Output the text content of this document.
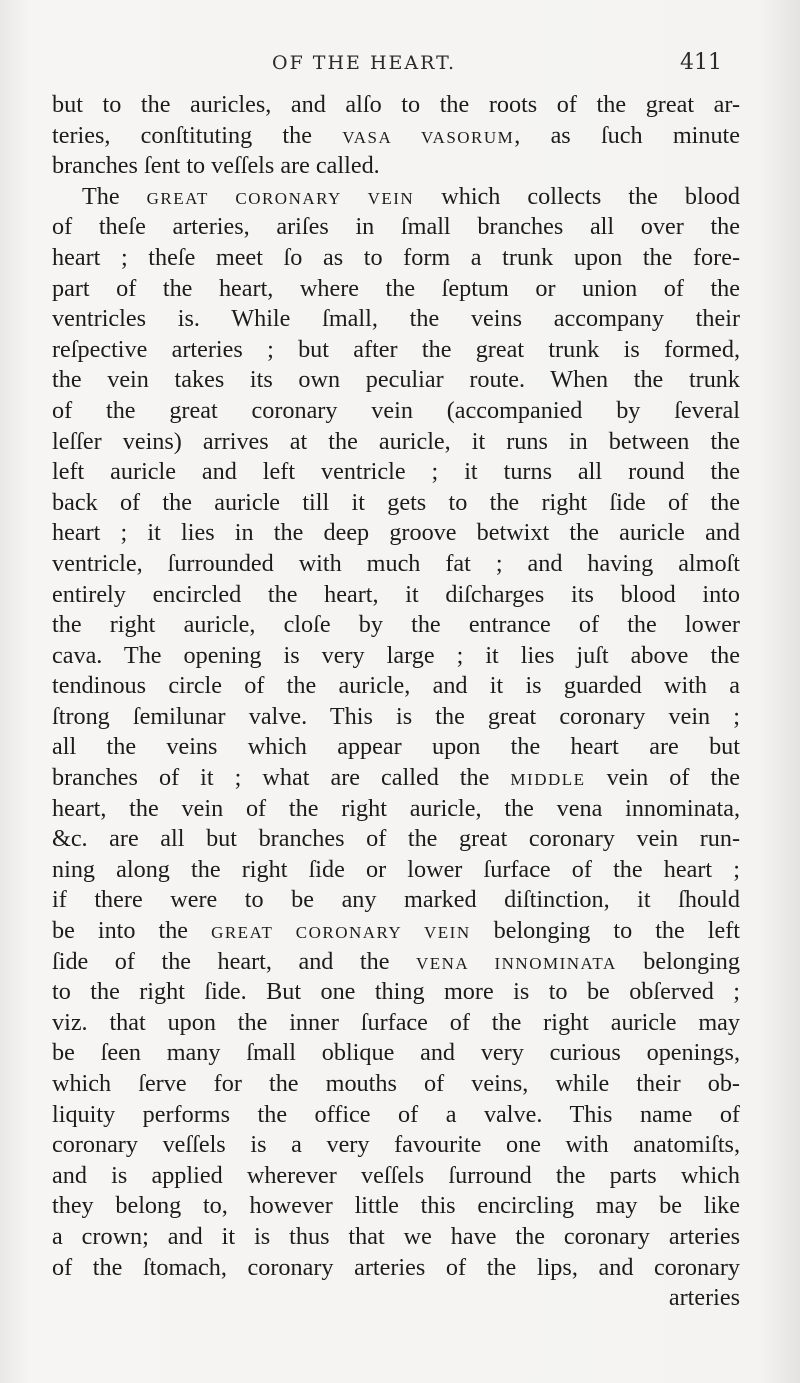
OF THE HEART.	411
but to the auricles, and alſo to the roots of the great ar-
teries, conſtituting the VASA VASORUM, as ſuch minute
branches ſent to veſſels are called.
The GREAT CORONARY VEIN which collects the blood
of theſe arteries, ariſes in ſmall branches all over the
heart ; theſe meet ſo as to form a trunk upon the fore-
part of the heart, where the ſeptum or union of the
ventricles is. While ſmall, the veins accompany their
reſpective arteries ; but after the great trunk is formed,
the vein takes its own peculiar route. When the trunk
of the great coronary vein (accompanied by ſeveral
leſſer veins) arrives at the auricle, it runs in between the
left auricle and left ventricle ; it turns all round the
back of the auricle till it gets to the right ſide of the
heart ; it lies in the deep groove betwixt the auricle and
ventricle, ſurrounded with much fat ; and having almoſt
entirely encircled the heart, it diſcharges its blood into
the right auricle, cloſe by the entrance of the lower
cava. The opening is very large ; it lies juſt above the
tendinous circle of the auricle, and it is guarded with a
ſtrong ſemilunar valve. This is the great coronary vein ;
all the veins which appear upon the heart are but
branches of it ; what are called the MIDDLE vein of the
heart, the vein of the right auricle, the vena innominata,
&c. are all but branches of the great coronary vein run-
ning along the right ſide or lower ſurface of the heart ;
if there were to be any marked diſtinction, it ſhould
be into the GREAT CORONARY VEIN belonging to the left
ſide of the heart, and the VENA INNOMINATA belonging
to the right ſide. But one thing more is to be obſerved ;
viz. that upon the inner ſurface of the right auricle may
be ſeen many ſmall oblique and very curious openings,
which ſerve for the mouths of veins, while their ob-
liquity performs the office of a valve. This name of
coronary veſſels is a very favourite one with anatomiſts,
and is applied wherever veſſels ſurround the parts which
they belong to, however little this encircling may be like
a crown; and it is thus that we have the coronary arteries
of the ſtomach, coronary arteries of the lips, and coronary
arteries
